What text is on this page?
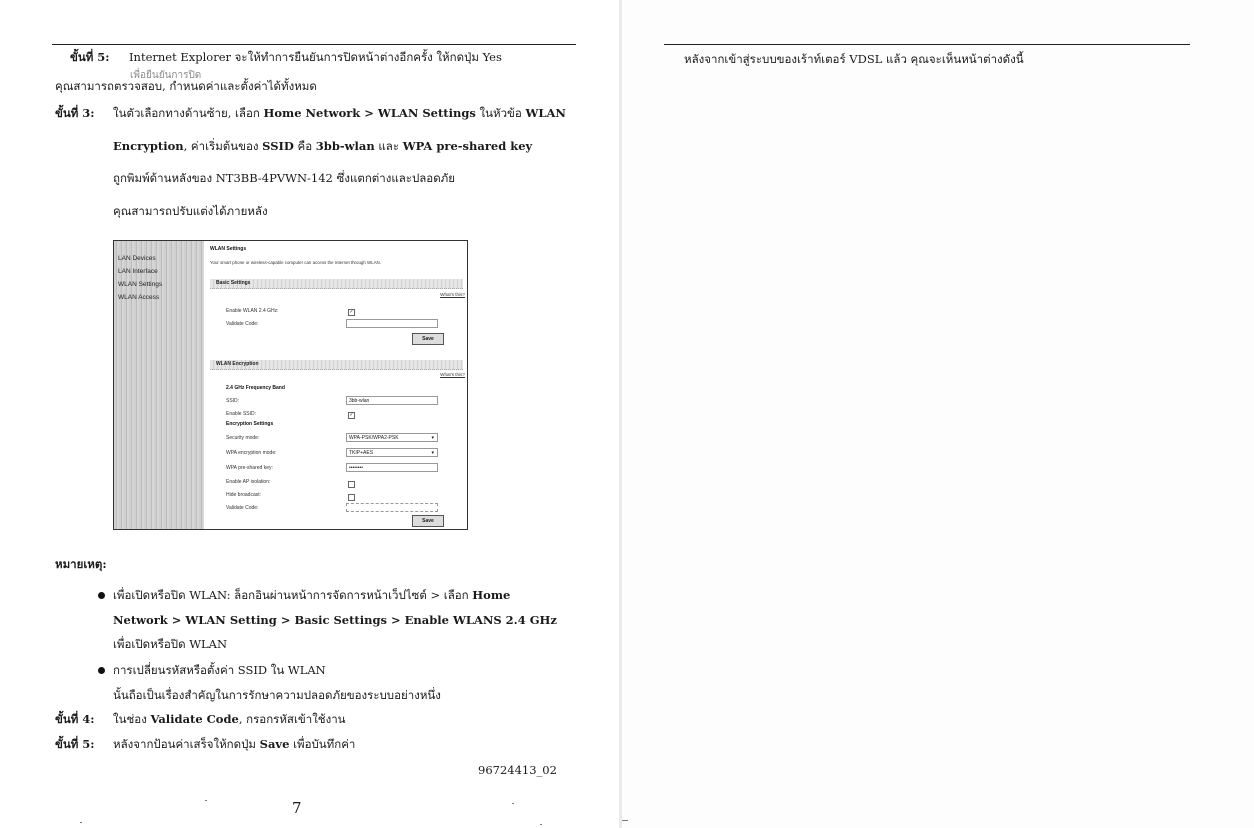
ขั้นที่ 5: Internet Explorer จะให้ทำการยืนยันการปิดหน้าต่างอีกครั้ง ให้กดปุ่ม Yes
เพื่อยืนยันการปิด
คุณสามารถตรวจสอบ, กำหนดค่าและตั้งค่าได้ทั้งหมด
ขั้นที่ 3: ในตัวเลือกทางด้านซ้าย, เลือก Home Network > WLAN Settings ในหัวข้อ WLAN
Encryption, ค่าเริ่มต้นของ SSID คือ 3bb-wlan และ WPA pre-shared key
ถูกพิมพ์ด้านหลังของ NT3BB-4PVWN-142 ซึ่งแตกต่างและปลอดภัย
คุณสามารถปรับแต่งได้ภายหลัง
LAN Devices
LAN Interface
WLAN Settings
WLAN Access
WLAN Settings
Your smart phone or wireless-capable computer can access the Internet through WLAN.
Basic Settings
What's this?
Enable WLAN 2.4 GHz:	✓
Validate Code:
Save
WLAN Encryption
What's this?
2.4 GHz Frequency Band
SSID:	3bb-wlan
Enable SSID:	✓
Encryption Settings
Security mode:	WPA-PSK/WPA2-PSK	▾
WPA encryption mode:	TKIP+AES	▾
WPA pre-shared key:	••••••••
Enable AP isolation:
Hide broadcast:
Validate Code:
Save
หมายเหตุ:
เพื่อเปิดหรือปิด WLAN: ล็อกอินผ่านหน้าการจัดการหน้าเว็ปไซต์ > เลือก Home
Network > WLAN Setting > Basic Settings > Enable WLANS 2.4 GHz
เพื่อเปิดหรือปิด WLAN
การเปลี่ยนรหัสหรือตั้งค่า SSID ใน WLAN
นั้นถือเป็นเรื่องสำคัญในการรักษาความปลอดภัยของระบบอย่างหนึ่ง
ขั้นที่ 4: ในช่อง Validate Code, กรอกรหัสเข้าใช้งาน
ขั้นที่ 5: หลังจากป้อนค่าเสร็จให้กดปุ่ม Save เพื่อบันทึกค่า
96724413_02
7
หลังจากเข้าสู่ระบบของเร้าท์เตอร์ VDSL แล้ว คุณจะเห็นหน้าต่างดังนี้
